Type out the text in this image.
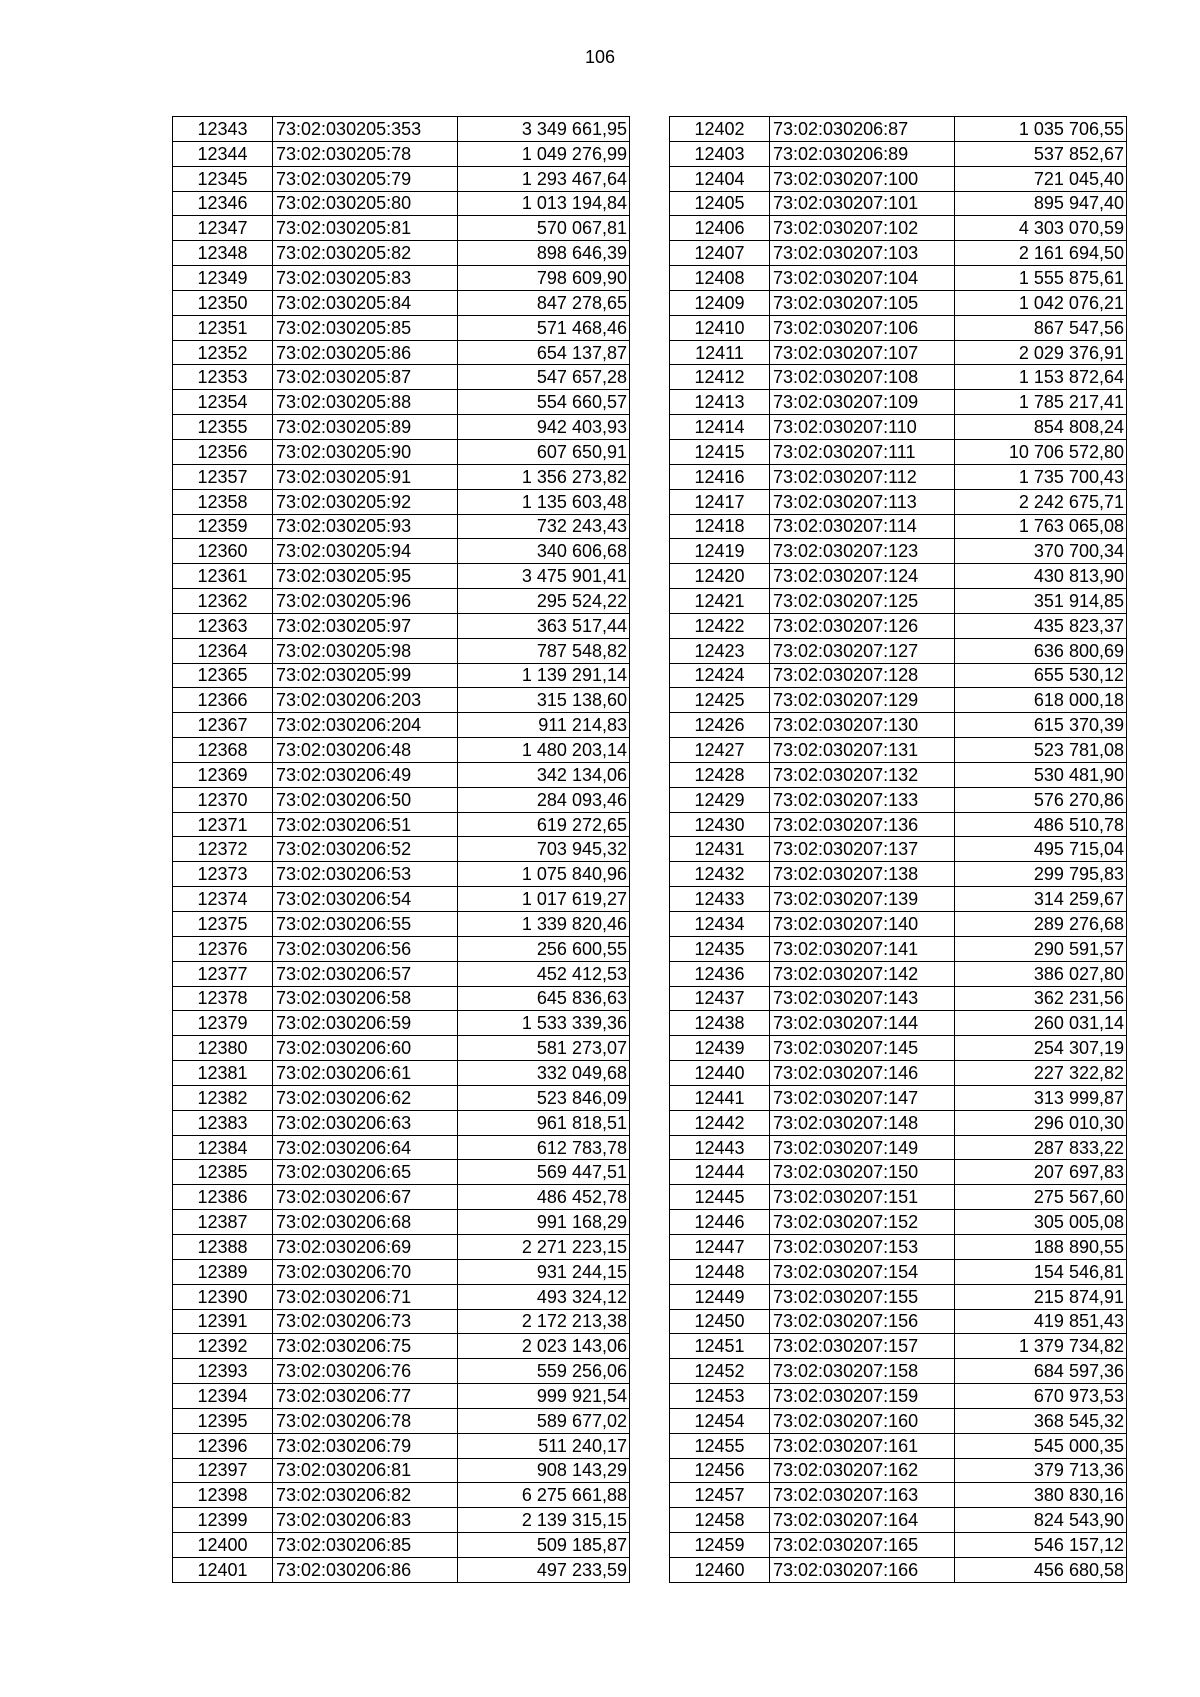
106
12343	73:02:030205:353	3 349 661,95
12344	73:02:030205:78	1 049 276,99
12345	73:02:030205:79	1 293 467,64
12346	73:02:030205:80	1 013 194,84
12347	73:02:030205:81	570 067,81
12348	73:02:030205:82	898 646,39
12349	73:02:030205:83	798 609,90
12350	73:02:030205:84	847 278,65
12351	73:02:030205:85	571 468,46
12352	73:02:030205:86	654 137,87
12353	73:02:030205:87	547 657,28
12354	73:02:030205:88	554 660,57
12355	73:02:030205:89	942 403,93
12356	73:02:030205:90	607 650,91
12357	73:02:030205:91	1 356 273,82
12358	73:02:030205:92	1 135 603,48
12359	73:02:030205:93	732 243,43
12360	73:02:030205:94	340 606,68
12361	73:02:030205:95	3 475 901,41
12362	73:02:030205:96	295 524,22
12363	73:02:030205:97	363 517,44
12364	73:02:030205:98	787 548,82
12365	73:02:030205:99	1 139 291,14
12366	73:02:030206:203	315 138,60
12367	73:02:030206:204	911 214,83
12368	73:02:030206:48	1 480 203,14
12369	73:02:030206:49	342 134,06
12370	73:02:030206:50	284 093,46
12371	73:02:030206:51	619 272,65
12372	73:02:030206:52	703 945,32
12373	73:02:030206:53	1 075 840,96
12374	73:02:030206:54	1 017 619,27
12375	73:02:030206:55	1 339 820,46
12376	73:02:030206:56	256 600,55
12377	73:02:030206:57	452 412,53
12378	73:02:030206:58	645 836,63
12379	73:02:030206:59	1 533 339,36
12380	73:02:030206:60	581 273,07
12381	73:02:030206:61	332 049,68
12382	73:02:030206:62	523 846,09
12383	73:02:030206:63	961 818,51
12384	73:02:030206:64	612 783,78
12385	73:02:030206:65	569 447,51
12386	73:02:030206:67	486 452,78
12387	73:02:030206:68	991 168,29
12388	73:02:030206:69	2 271 223,15
12389	73:02:030206:70	931 244,15
12390	73:02:030206:71	493 324,12
12391	73:02:030206:73	2 172 213,38
12392	73:02:030206:75	2 023 143,06
12393	73:02:030206:76	559 256,06
12394	73:02:030206:77	999 921,54
12395	73:02:030206:78	589 677,02
12396	73:02:030206:79	511 240,17
12397	73:02:030206:81	908 143,29
12398	73:02:030206:82	6 275 661,88
12399	73:02:030206:83	2 139 315,15
12400	73:02:030206:85	509 185,87
12401	73:02:030206:86	497 233,59
12402	73:02:030206:87	1 035 706,55
12403	73:02:030206:89	537 852,67
12404	73:02:030207:100	721 045,40
12405	73:02:030207:101	895 947,40
12406	73:02:030207:102	4 303 070,59
12407	73:02:030207:103	2 161 694,50
12408	73:02:030207:104	1 555 875,61
12409	73:02:030207:105	1 042 076,21
12410	73:02:030207:106	867 547,56
12411	73:02:030207:107	2 029 376,91
12412	73:02:030207:108	1 153 872,64
12413	73:02:030207:109	1 785 217,41
12414	73:02:030207:110	854 808,24
12415	73:02:030207:111	10 706 572,80
12416	73:02:030207:112	1 735 700,43
12417	73:02:030207:113	2 242 675,71
12418	73:02:030207:114	1 763 065,08
12419	73:02:030207:123	370 700,34
12420	73:02:030207:124	430 813,90
12421	73:02:030207:125	351 914,85
12422	73:02:030207:126	435 823,37
12423	73:02:030207:127	636 800,69
12424	73:02:030207:128	655 530,12
12425	73:02:030207:129	618 000,18
12426	73:02:030207:130	615 370,39
12427	73:02:030207:131	523 781,08
12428	73:02:030207:132	530 481,90
12429	73:02:030207:133	576 270,86
12430	73:02:030207:136	486 510,78
12431	73:02:030207:137	495 715,04
12432	73:02:030207:138	299 795,83
12433	73:02:030207:139	314 259,67
12434	73:02:030207:140	289 276,68
12435	73:02:030207:141	290 591,57
12436	73:02:030207:142	386 027,80
12437	73:02:030207:143	362 231,56
12438	73:02:030207:144	260 031,14
12439	73:02:030207:145	254 307,19
12440	73:02:030207:146	227 322,82
12441	73:02:030207:147	313 999,87
12442	73:02:030207:148	296 010,30
12443	73:02:030207:149	287 833,22
12444	73:02:030207:150	207 697,83
12445	73:02:030207:151	275 567,60
12446	73:02:030207:152	305 005,08
12447	73:02:030207:153	188 890,55
12448	73:02:030207:154	154 546,81
12449	73:02:030207:155	215 874,91
12450	73:02:030207:156	419 851,43
12451	73:02:030207:157	1 379 734,82
12452	73:02:030207:158	684 597,36
12453	73:02:030207:159	670 973,53
12454	73:02:030207:160	368 545,32
12455	73:02:030207:161	545 000,35
12456	73:02:030207:162	379 713,36
12457	73:02:030207:163	380 830,16
12458	73:02:030207:164	824 543,90
12459	73:02:030207:165	546 157,12
12460	73:02:030207:166	456 680,58
